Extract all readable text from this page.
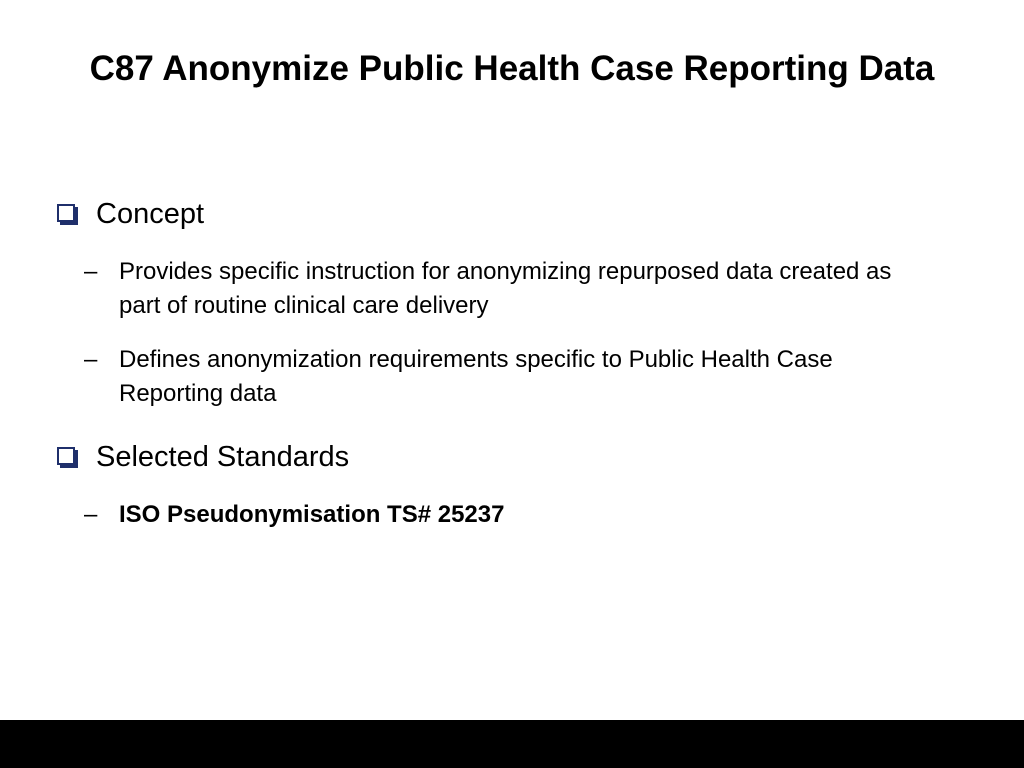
C87 Anonymize Public Health Case Reporting Data
Concept
– Provides specific instruction for anonymizing repurposed data created as part of routine clinical care delivery
– Defines anonymization requirements specific to Public Health Case Reporting data
Selected Standards
– ISO Pseudonymisation TS# 25237
